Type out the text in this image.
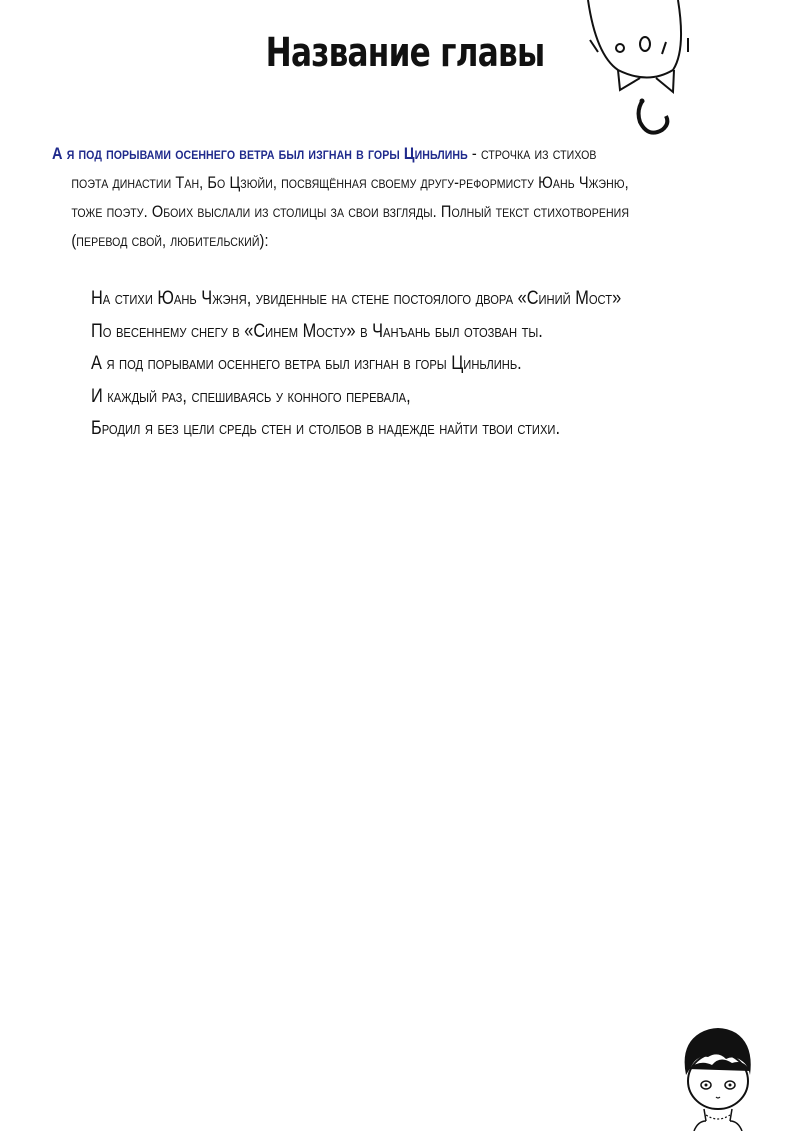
Название главы
А я под порывами осеннего ветра был изгнан в горы Циньлинь - строчка из стихов
поэта династии Тан, Бо Цзюйи, посвящённая своему другу-реформисту Юань Чжэню,
тоже поэту. Обоих выслали из столицы за свои взгляды. Полный текст стихотворения
(перевод свой, любительский):
На стихи Юань Чжэня, увиденные на стене постоялого двора «Синий Мост»
По весеннему снегу в «Синем Мосту» в Чанъань был отозван ты.
А я под порывами осеннего ветра был изгнан в горы Циньлинь.
И каждый раз, спешиваясь у конного перевала,
Бродил я без цели средь стен и столбов в надежде найти твои стихи.
